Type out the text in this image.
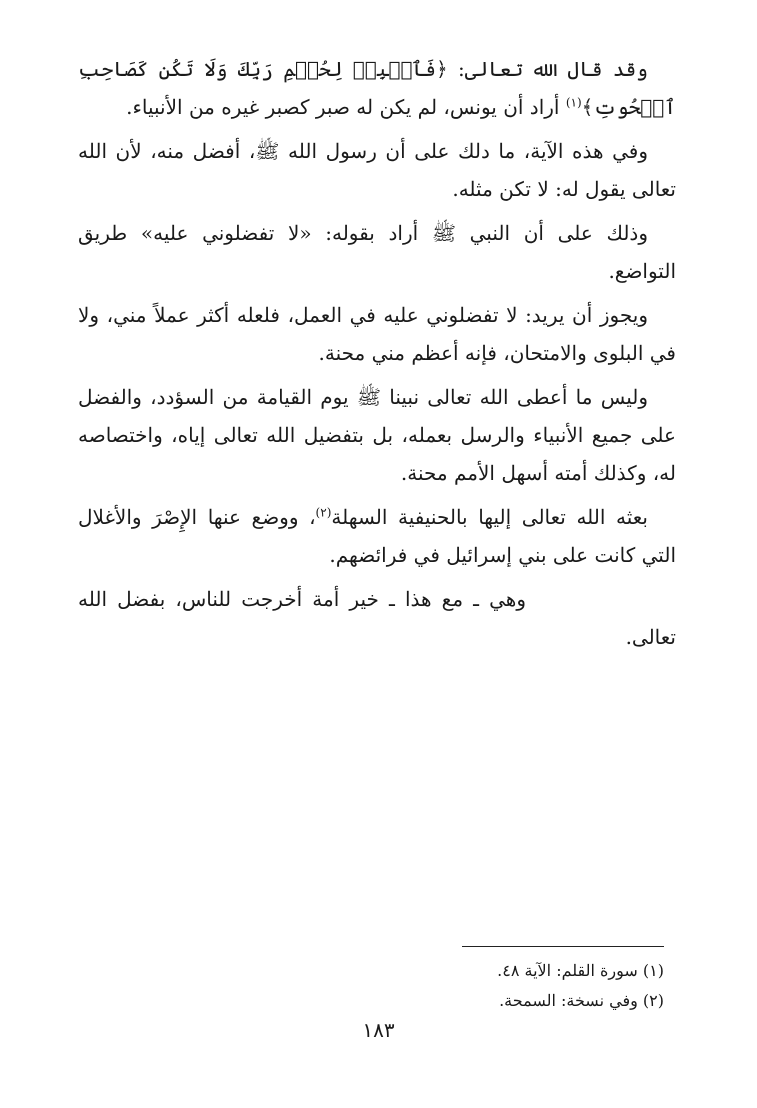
وقد قال الله تعالى: ﴿فَٱصۡبِرۡ لِحُكۡمِ رَبِّكَ وَلَا تَكُن كَصَاحِبِ ٱلۡحُوتِ﴾$^{(١)}$ أراد أن يونس، لم يكن له صبر كصبر غيره من الأنبياء.

وفي هذه الآية، ما دلك على أن رسول الله ﷺ، أفضل منه، لأن الله تعالى يقول له: لا تكن مثله.

وذلك على أن النبي ﷺ أراد بقوله: «لا تفضلوني عليه» طريق التواضع.

ويجوز أن يريد: لا تفضلوني عليه في العمل، فلعله أكثر عملاً مني، ولا في البلوى والامتحان، فإنه أعظم مني محنة.

وليس ما أعطى الله تعالى نبينا ﷺ يوم القيامة من السؤدد، والفضل على جميع الأنبياء والرسل بعمله، بل بتفضيل الله تعالى إياه، واختصاصه له، وكذلك أمته أسهل الأمم محنة.

بعثه الله تعالى إليها بالحنيفية السهلة$^{(٢)}$، ووضع عنها الإِصْرَ والأغلال التي كانت على بني إسرائيل في فرائضهم.

وهي ـ مع هذا ـ خير أمة أخرجت للناس، بفضل الله تعالى.

(١) سورة القلم: الآية ٤٨.

(٢) وفي نسخة: السمحة.

١٨٣
